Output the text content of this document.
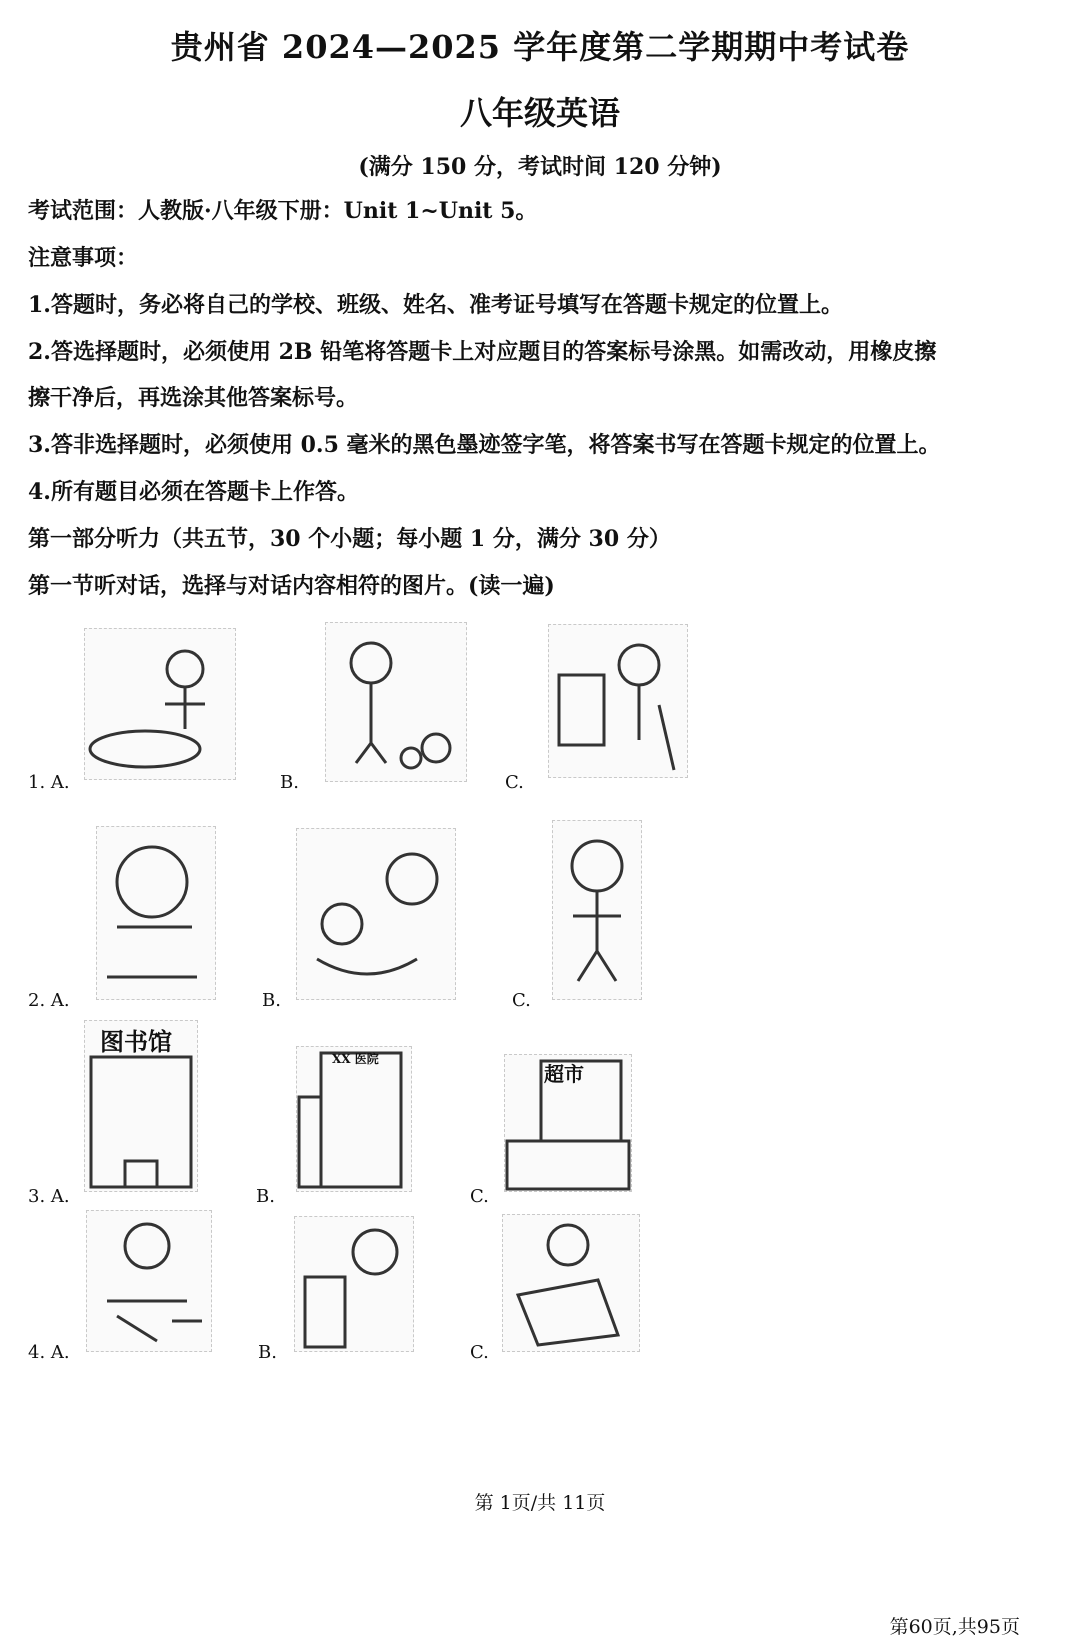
贵州省 2024—2025 学年度第二学期期中考试卷
八年级英语
(满分 150 分，考试时间 120 分钟)
考试范围：人教版·八年级下册：Unit 1~Unit 5。
注意事项：
1.答题时，务必将自己的学校、班级、姓名、准考证号填写在答题卡规定的位置上。
2.答选择题时，必须使用 2B 铅笔将答题卡上对应题目的答案标号涂黑。如需改动，用橡皮擦
擦干净后，再选涂其他答案标号。
3.答非选择题时，必须使用 0.5 毫米的黑色墨迹签字笔，将答案书写在答题卡规定的位置上。
4.所有题目必须在答题卡上作答。
第一部分听力（共五节，30 个小题；每小题 1 分，满分 30 分）
第一节听对话，选择与对话内容相符的图片。(读一遍)
1. A.	B.	C.
2. A.	B.	C.
图书馆
3. A.
XX 医院
B.
超市
C.
4. A.	B.	C.
第 1页/共 11页
第60页,共95页
